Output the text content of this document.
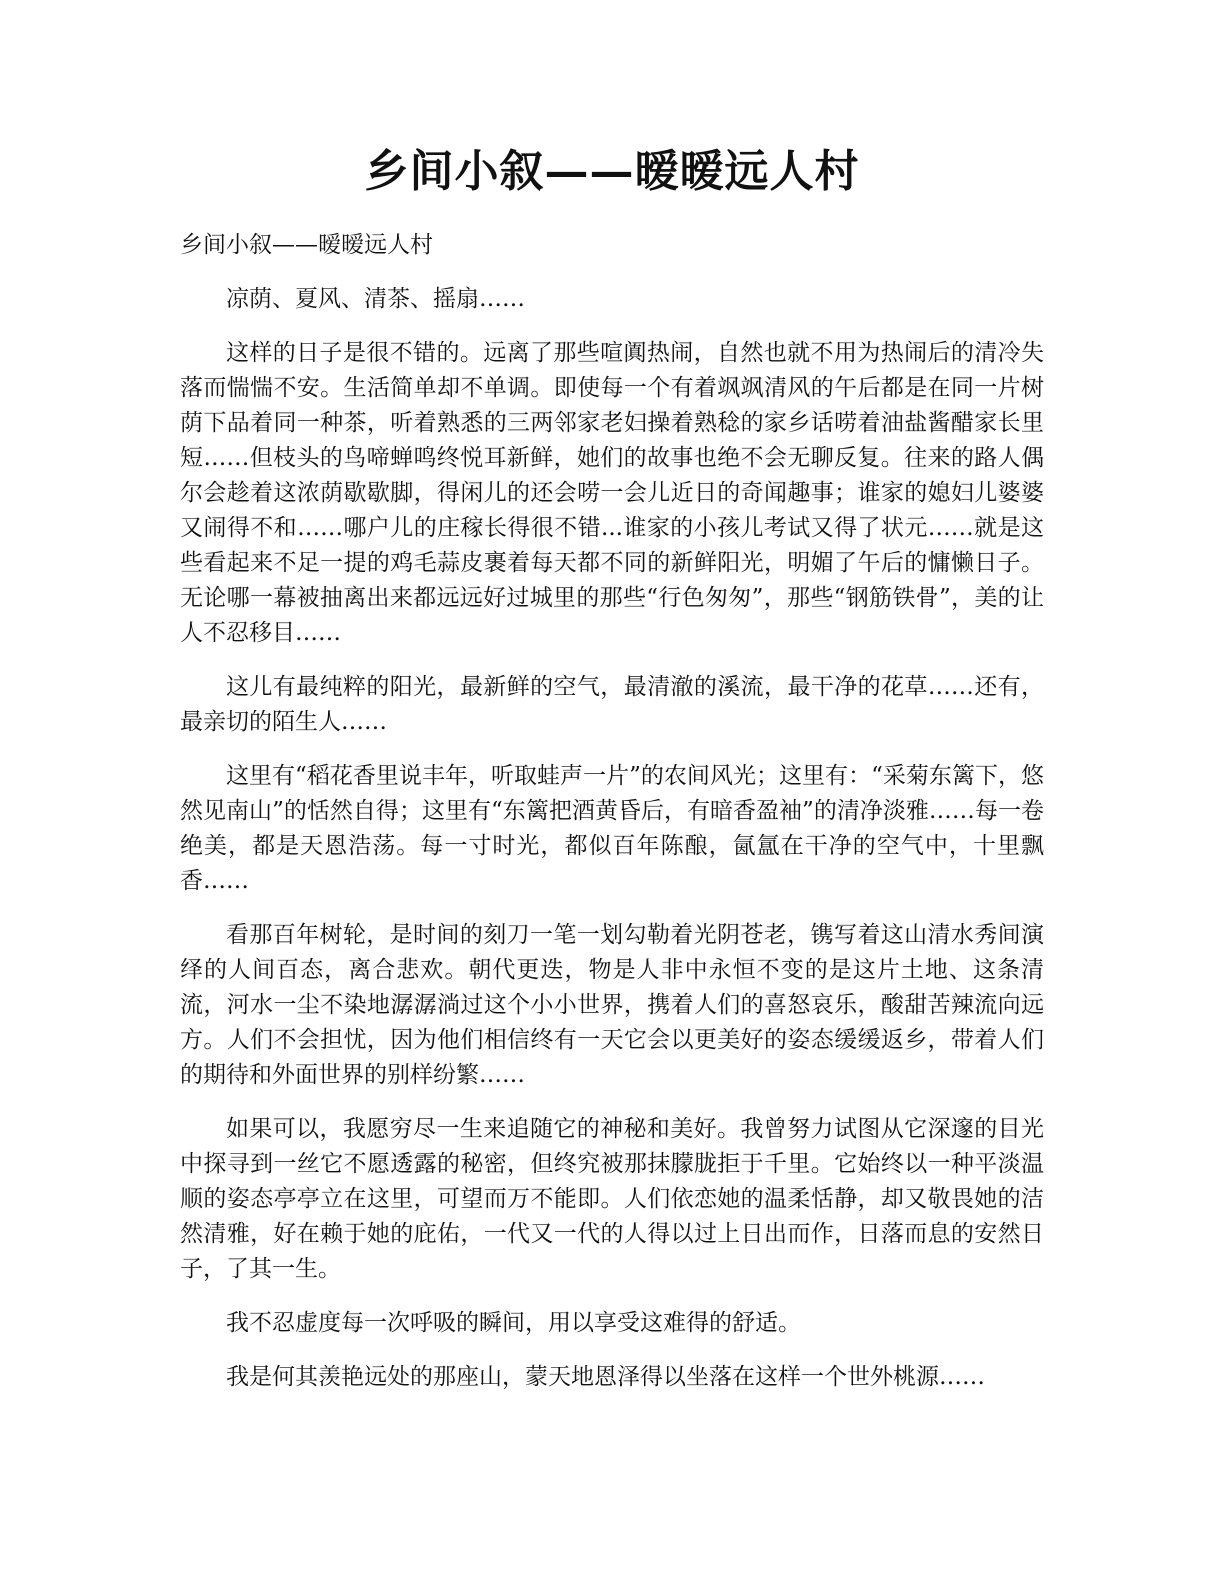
乡间小叙——暧暧远人村

乡间小叙——暧暧远人村

凉荫、夏风、清茶、摇扇……

这样的日子是很不错的。远离了那些喧阗热闹，自然也就不用为热闹后的清冷失落而惴惴不安。生活简单却不单调。即使每一个有着飒飒清风的午后都是在同一片树荫下品着同一种茶，听着熟悉的三两邻家老妇操着熟稔的家乡话唠着油盐酱醋家长里短……但枝头的鸟啼蝉鸣终悦耳新鲜，她们的故事也绝不会无聊反复。往来的路人偶尔会趁着这浓荫歇歇脚，得闲儿的还会唠一会儿近日的奇闻趣事；谁家的媳妇儿婆婆又闹得不和……哪户儿的庄稼长得很不错...谁家的小孩儿考试又得了状元……就是这些看起来不足一提的鸡毛蒜皮裹着每天都不同的新鲜阳光，明媚了午后的慵懒日子。无论哪一幕被抽离出来都远远好过城里的那些“行色匆匆”，那些“钢筋铁骨”，美的让人不忍移目……

这儿有最纯粹的阳光，最新鲜的空气，最清澈的溪流，最干净的花草……还有，最亲切的陌生人……

这里有“稻花香里说丰年，听取蛙声一片”的农间风光；这里有：“采菊东篱下，悠然见南山”的恬然自得；这里有“东篱把酒黄昏后，有暗香盈袖”的清净淡雅……每一卷绝美，都是天恩浩荡。每一寸时光，都似百年陈酿，氤氲在干净的空气中，十里飘香……

看那百年树轮，是时间的刻刀一笔一划勾勒着光阴苍老，镌写着这山清水秀间演绎的人间百态，离合悲欢。朝代更迭，物是人非中永恒不变的是这片土地、这条清流，河水一尘不染地潺潺淌过这个小小世界，携着人们的喜怒哀乐，酸甜苦辣流向远方。人们不会担忧，因为他们相信终有一天它会以更美好的姿态缓缓返乡，带着人们的期待和外面世界的别样纷繁……

如果可以，我愿穷尽一生来追随它的神秘和美好。我曾努力试图从它深邃的目光中探寻到一丝它不愿透露的秘密，但终究被那抹朦胧拒于千里。它始终以一种平淡温顺的姿态亭亭立在这里，可望而万不能即。人们依恋她的温柔恬静，却又敬畏她的洁然清雅，好在赖于她的庇佑，一代又一代的人得以过上日出而作，日落而息的安然日子，了其一生。

我不忍虚度每一次呼吸的瞬间，用以享受这难得的舒适。

我是何其羡艳远处的那座山，蒙天地恩泽得以坐落在这样一个世外桃源……
